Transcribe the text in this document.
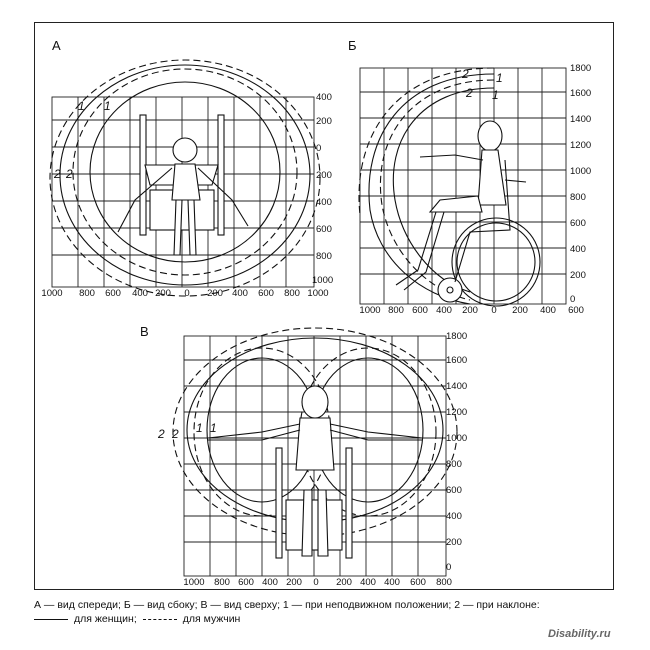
А
1 1
2 2
1000 800 600 400 200 0 200 400 600 800 1000
400
200
0
200
400
600
800
1000
Б
2 1
2 1
1000 800 600 400 200 0 200 400 600
1800
1600
1400
1200
1000
800
600
400
200
0
В
2 2 1 1
1000 800 600 400 200 0 200 400 400 600 800
1800
1600
1400
1200
1000
800
600
400
200
0
А — вид спереди; Б — вид сбоку; В — вид сверху; 1 — при неподвижном положении; 2 — при наклоне:
для женщин;	для мужчин
Disability.ru
